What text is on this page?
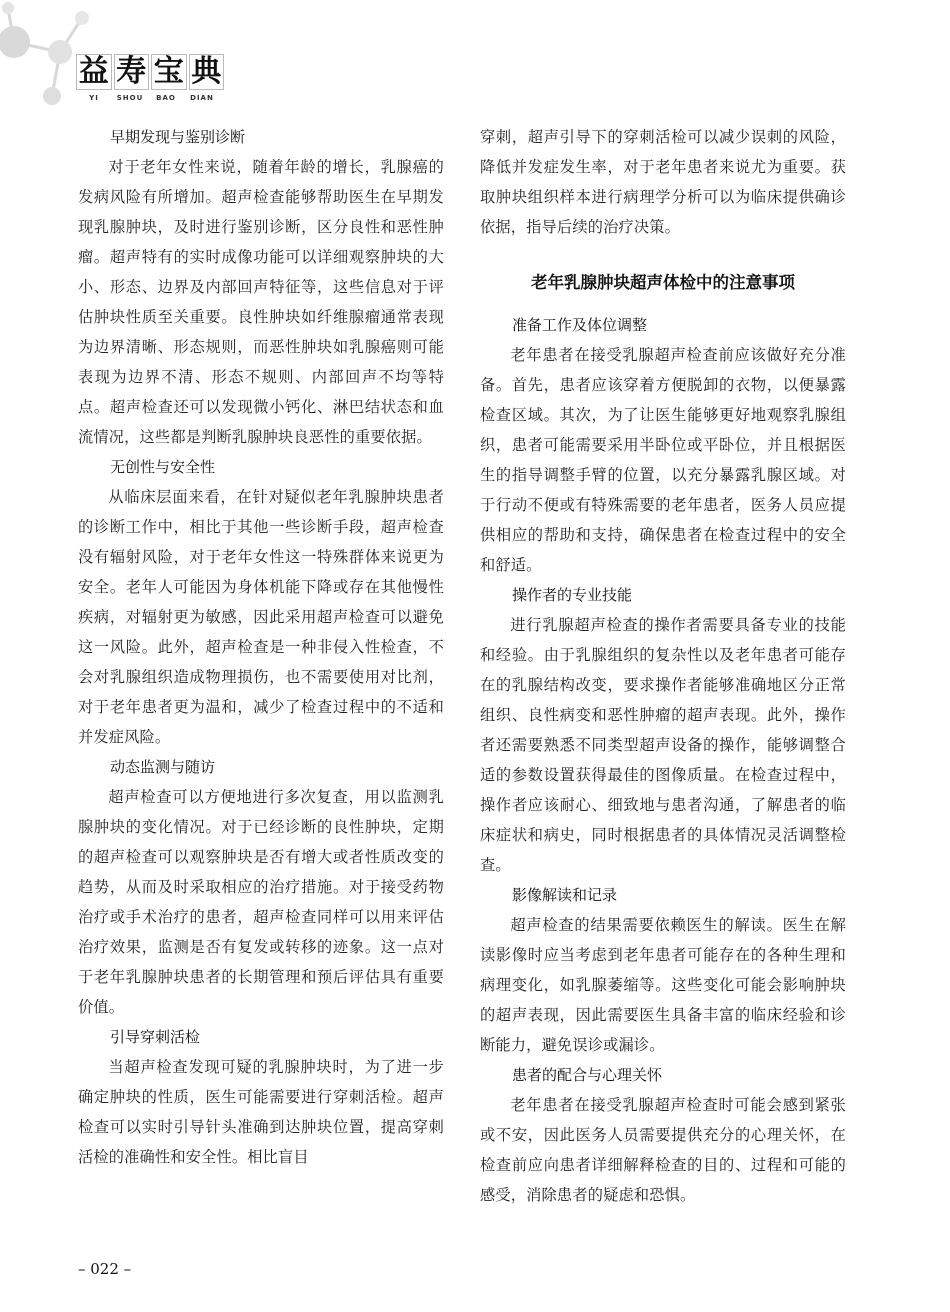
益 寿 宝 典
YI	SHOU	BAO	DIAN
早期发现与鉴别诊断

对于老年女性来说，随着年龄的增长，乳腺癌的发病风险有所增加。超声检查能够帮助医生在早期发现乳腺肿块，及时进行鉴别诊断，区分良性和恶性肿瘤。超声特有的实时成像功能可以详细观察肿块的大小、形态、边界及内部回声特征等，这些信息对于评估肿块性质至关重要。良性肿块如纤维腺瘤通常表现为边界清晰、形态规则，而恶性肿块如乳腺癌则可能表现为边界不清、形态不规则、内部回声不均等特点。超声检查还可以发现微小钙化、淋巴结状态和血流情况，这些都是判断乳腺肿块良恶性的重要依据。

无创性与安全性

从临床层面来看，在针对疑似老年乳腺肿块患者的诊断工作中，相比于其他一些诊断手段，超声检查没有辐射风险，对于老年女性这一特殊群体来说更为安全。老年人可能因为身体机能下降或存在其他慢性疾病，对辐射更为敏感，因此采用超声检查可以避免这一风险。此外，超声检查是一种非侵入性检查，不会对乳腺组织造成物理损伤，也不需要使用对比剂，对于老年患者更为温和，减少了检查过程中的不适和并发症风险。

动态监测与随访

超声检查可以方便地进行多次复查，用以监测乳腺肿块的变化情况。对于已经诊断的良性肿块，定期的超声检查可以观察肿块是否有增大或者性质改变的趋势，从而及时采取相应的治疗措施。对于接受药物治疗或手术治疗的患者，超声检查同样可以用来评估治疗效果，监测是否有复发或转移的迹象。这一点对于老年乳腺肿块患者的长期管理和预后评估具有重要价值。

引导穿刺活检

当超声检查发现可疑的乳腺肿块时，为了进一步确定肿块的性质，医生可能需要进行穿刺活检。超声检查可以实时引导针头准确到达肿块位置，提高穿刺活检的准确性和安全性。相比盲目

穿刺，超声引导下的穿刺活检可以减少误刺的风险，降低并发症发生率，对于老年患者来说尤为重要。获取肿块组织样本进行病理学分析可以为临床提供确诊依据，指导后续的治疗决策。

老年乳腺肿块超声体检中的注意事项
准备工作及体位调整

老年患者在接受乳腺超声检查前应该做好充分准备。首先，患者应该穿着方便脱卸的衣物，以便暴露检查区域。其次，为了让医生能够更好地观察乳腺组织，患者可能需要采用半卧位或平卧位，并且根据医生的指导调整手臂的位置，以充分暴露乳腺区域。对于行动不便或有特殊需要的老年患者，医务人员应提供相应的帮助和支持，确保患者在检查过程中的安全和舒适。

操作者的专业技能

进行乳腺超声检查的操作者需要具备专业的技能和经验。由于乳腺组织的复杂性以及老年患者可能存在的乳腺结构改变，要求操作者能够准确地区分正常组织、良性病变和恶性肿瘤的超声表现。此外，操作者还需要熟悉不同类型超声设备的操作，能够调整合适的参数设置获得最佳的图像质量。在检查过程中，操作者应该耐心、细致地与患者沟通，了解患者的临床症状和病史，同时根据患者的具体情况灵活调整检查。

影像解读和记录

超声检查的结果需要依赖医生的解读。医生在解读影像时应当考虑到老年患者可能存在的各种生理和病理变化，如乳腺萎缩等。这些变化可能会影响肿块的超声表现，因此需要医生具备丰富的临床经验和诊断能力，避免误诊或漏诊。

患者的配合与心理关怀

老年患者在接受乳腺超声检查时可能会感到紧张或不安，因此医务人员需要提供充分的心理关怀，在检查前应向患者详细解释检查的目的、过程和可能的感受，消除患者的疑虑和恐惧。

– 022 –
